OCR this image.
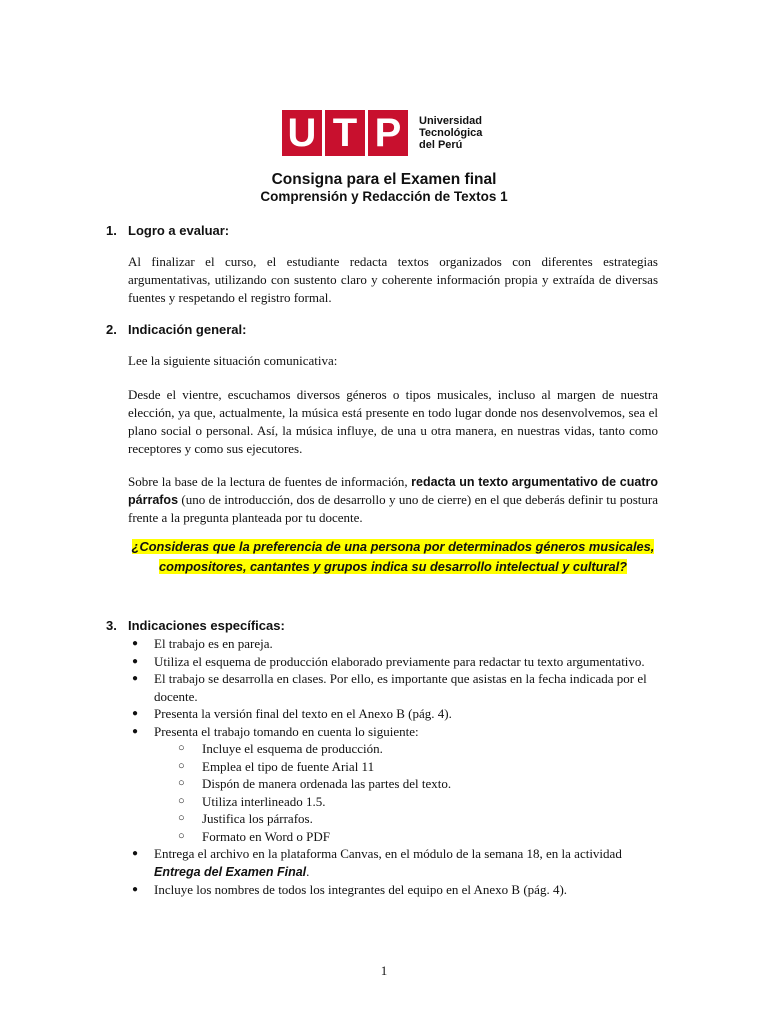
U T P	Universidad
Tecnológica
del Perú
Consigna para el Examen final
Comprensión y Redacción de Textos 1
1. Logro a evaluar:
Al finalizar el curso, el estudiante redacta textos organizados con diferentes estrategias argumentativas, utilizando con sustento claro y coherente información propia y extraída de diversas fuentes y respetando el registro formal.
2. Indicación general:
Lee la siguiente situación comunicativa:
Desde el vientre, escuchamos diversos géneros o tipos musicales, incluso al margen de nuestra elección, ya que, actualmente, la música está presente en todo lugar donde nos desenvolvemos, sea el plano social o personal. Así, la música influye, de una u otra manera, en nuestras vidas, tanto como receptores y como sus ejecutores.
Sobre la base de la lectura de fuentes de información, redacta un texto argumentativo de cuatro párrafos (uno de introducción, dos de desarrollo y uno de cierre) en el que deberás definir tu postura frente a la pregunta planteada por tu docente.
¿Consideras que la preferencia de una persona por determinados géneros musicales, compositores, cantantes y grupos indica su desarrollo intelectual y cultural?
3. Indicaciones específicas:
● El trabajo es en pareja.
● Utiliza el esquema de producción elaborado previamente para redactar tu texto argumentativo.
● El trabajo se desarrolla en clases. Por ello, es importante que asistas en la fecha indicada por el docente.
● Presenta la versión final del texto en el Anexo B (pág. 4).
● Presenta el trabajo tomando en cuenta lo siguiente:
○ Incluye el esquema de producción.
○ Emplea el tipo de fuente Arial 11
○ Dispón de manera ordenada las partes del texto.
○ Utiliza interlineado 1.5.
○ Justifica los párrafos.
○ Formato en Word o PDF
● Entrega el archivo en la plataforma Canvas, en el módulo de la semana 18, en la actividad Entrega del Examen Final.
● Incluye los nombres de todos los integrantes del equipo en el Anexo B (pág. 4).
1
